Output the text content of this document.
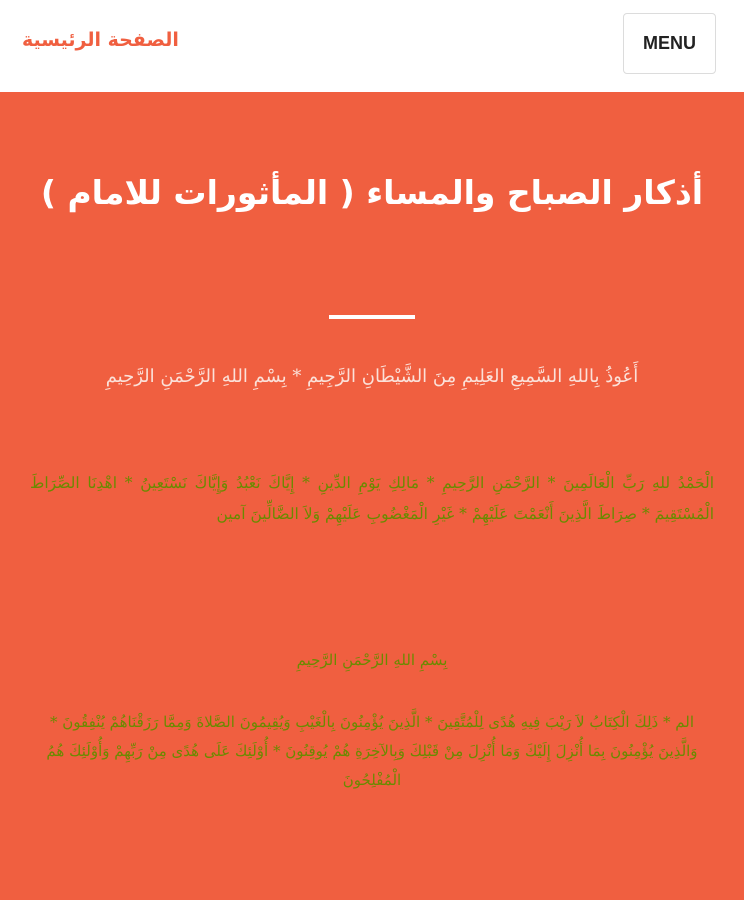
الصفحة الرئيسية	MENU
أذكار الصباح والمساء ( المأثورات للامام )

أَعُوذُ بِاللهِ السَّمِيعِ العَلِيمِ مِنَ الشَّيْطَانِ الرَّجِيمِ * بِسْمِ اللهِ الرَّحْمَنِ الرَّحِيمِ

الْحَمْدُ للهِ رَبِّ الْعَالَمِينَ * الرَّحْمَنِ الرَّحِيمِ * مَالِكِ يَوْمِ الدِّينِ * إِيَّاكَ نَعْبُدُ وَإِيَّاكَ نَسْتَعِينُ * اهْدِنَا الصِّرَاطَ الْمُسْتَقِيمَ * صِرَاطَ الَّذِينَ أَنْعَمْتَ عَلَيْهِمْ * غَيْرِ الْمَغْضُوبِ عَلَيْهِمْ وَلاَ الضَّالِّينَ آمين

بِسْمِ اللهِ الرَّحْمَنِ الرَّحِيمِ

الم * ذَلِكَ الْكِتَابُ لاَ رَيْبَ فِيهِ هُدًى لِلْمُتَّقِينَ * الَّذِينَ يُؤْمِنُونَ بِالْغَيْبِ وَيُقِيمُونَ الصَّلاةَ وَمِمَّا رَزَقْنَاهُمْ يُنْفِقُونَ * وَالَّذِينَ يُؤْمِنُونَ بِمَا أُنْزِلَ إِلَيْكَ وَمَا أُنْزِلَ مِنْ قَبْلِكَ وَبِالآخِرَةِ هُمْ يُوقِنُونَ * أُوْلَئِكَ عَلَى هُدًى مِنْ رَبِّهِمْ وَأُوْلَئِكَ هُمُ الْمُفْلِحُونَ
